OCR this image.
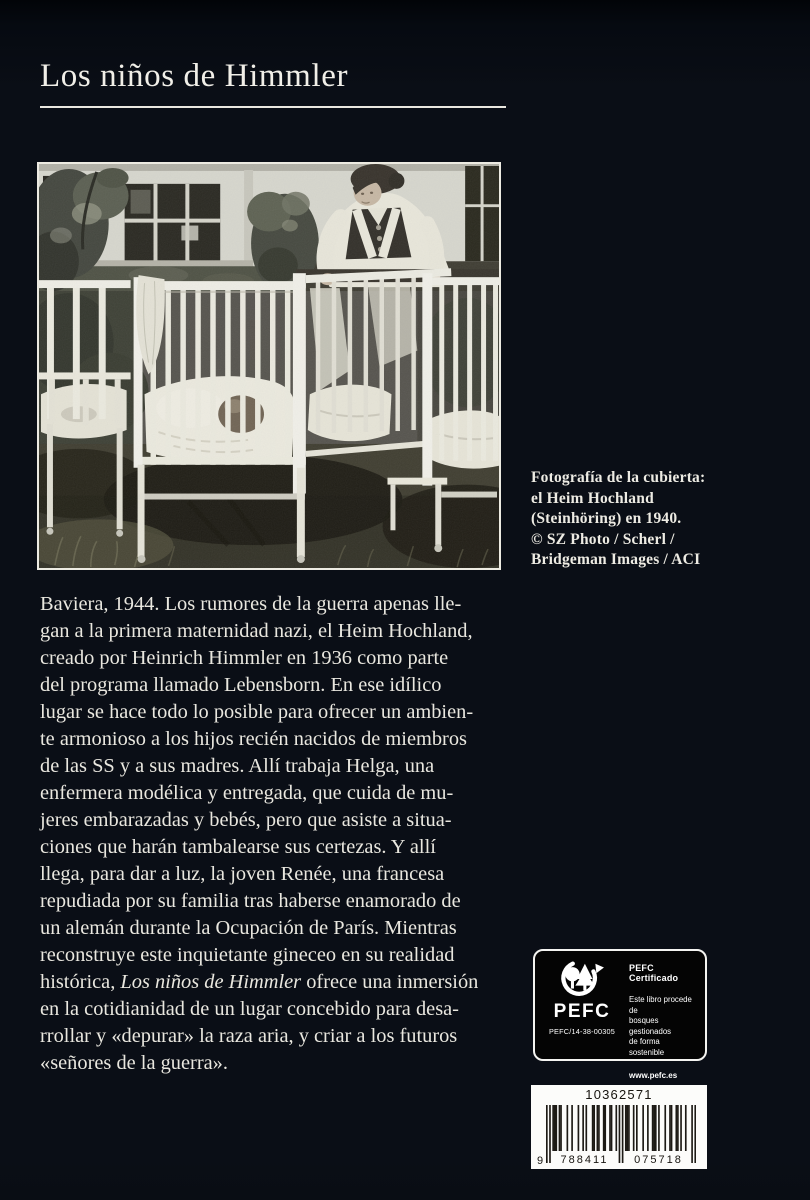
Los niños de Himmler
Fotografía de la cubierta:
el Heim Hochland
(Steinhöring) en 1940.
© SZ Photo / Scherl /
Bridgeman Images / ACI
Baviera, 1944. Los rumores de la guerra apenas lle-
gan a la primera maternidad nazi, el Heim Hochland,
creado por Heinrich Himmler en 1936 como parte
del programa llamado Lebensborn. En ese idílico
lugar se hace todo lo posible para ofrecer un ambien-
te armonioso a los hijos recién nacidos de miembros
de las SS y a sus madres. Allí trabaja Helga, una
enfermera modélica y entregada, que cuida de mu-
jeres embarazadas y bebés, pero que asiste a situa-
ciones que harán tambalearse sus certezas. Y allí
llega, para dar a luz, la joven Renée, una francesa
repudiada por su familia tras haberse enamorado de
un alemán durante la Ocupación de París. Mientras
reconstruye este inquietante gineceo en su realidad
histórica, Los niños de Himmler ofrece una inmersión
en la cotidianidad de un lugar concebido para desa-
rrollar y «depurar» la raza aria, y criar a los futuros
«señores de la guerra».
PEFC
PEFC/14-38-00305
PEFC Certificado
Este libro procede de
bosques gestionados
de forma sostenible
www.pefc.es
10362571
9	788411	075718
